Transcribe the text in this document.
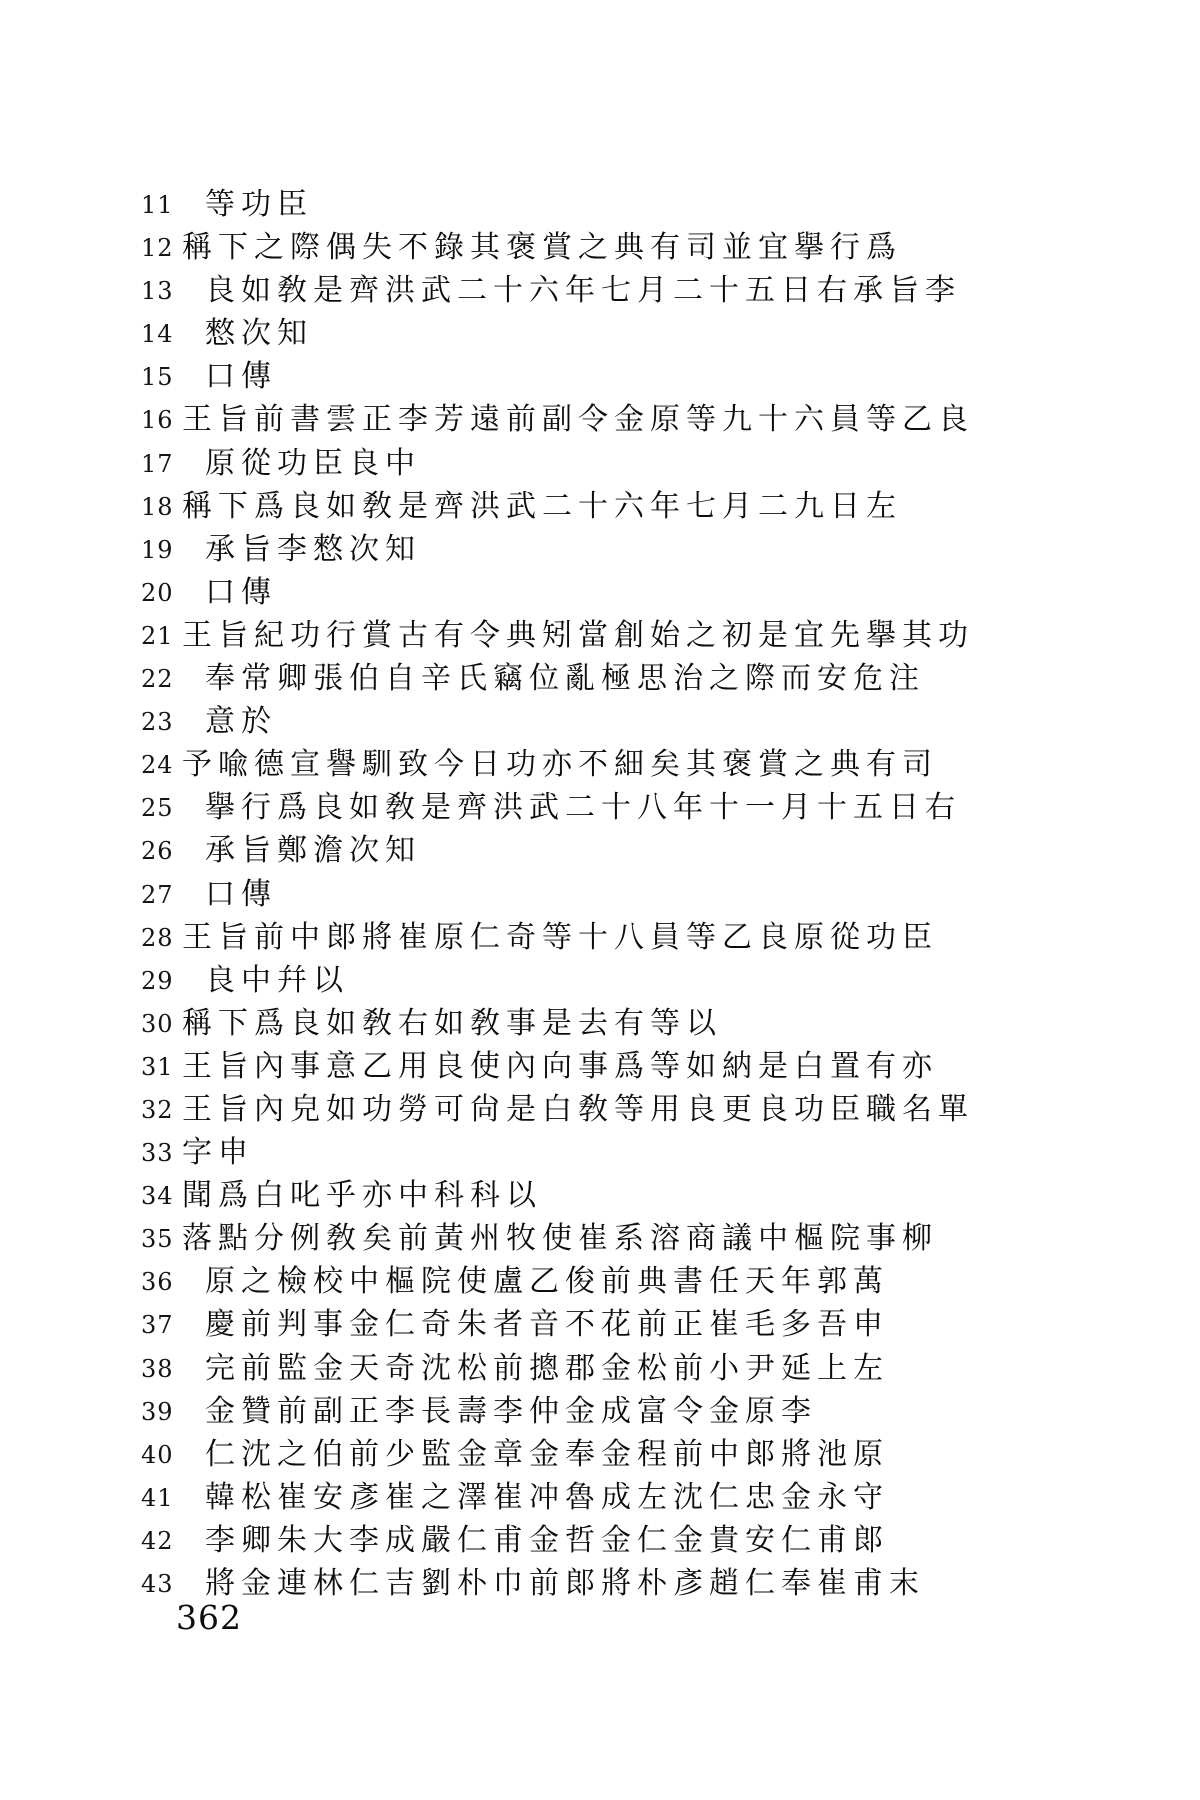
11 等功臣
12 稱下之際偶失不錄其褒賞之典有司並宜擧行爲
13 良如敎是齊洪武二十六年七月二十五日右承旨李
14 憗次知
15 口傳
16 王旨前書雲正李芳遠前副令金原等九十六員等乙良
17 原從功臣良中
18 稱下爲良如敎是齊洪武二十六年七月二九日左
19 承旨李憗次知
20 口傳
21 王旨紀功行賞古有令典矧當創始之初是宜先擧其功
22 奉常卿張伯自辛氏竊位亂極思治之際而安危注
23 意於
24 予喩德宣譽馴致今日功亦不細矣其褒賞之典有司
25 擧行爲良如敎是齊洪武二十八年十一月十五日右
26 承旨鄭澹次知
27 口傳
28 王旨前中郞將崔原仁奇等十八員等乙良原從功臣
29 良中幷以
30 稱下爲良如敎右如敎事是去有等以
31 王旨內事意乙用良使內向事爲等如納是白置有亦
32 王旨內皃如功勞可尙是白敎等用良更良功臣職名單
33 字申
34 聞爲白叱乎亦中科科以
35 落點分例敎矣前黃州牧使崔系溶商議中樞院事柳
36 原之檢校中樞院使盧乙俊前典書任天年郭萬
37 慶前判事金仁奇朱者音不花前正崔毛多吾申
38 完前監金天奇沈松前摠郡金松前小尹延上左
39 金贊前副正李長壽李仲金成富令金原李
40 仁沈之伯前少監金章金奉金程前中郞將池原
41 韓松崔安彥崔之澤崔冲魯成左沈仁忠金永守
42 李卿朱大李成嚴仁甫金哲金仁金貴安仁甫郞
43 將金連林仁吉劉朴巾前郞將朴彥趙仁奉崔甫末
362
